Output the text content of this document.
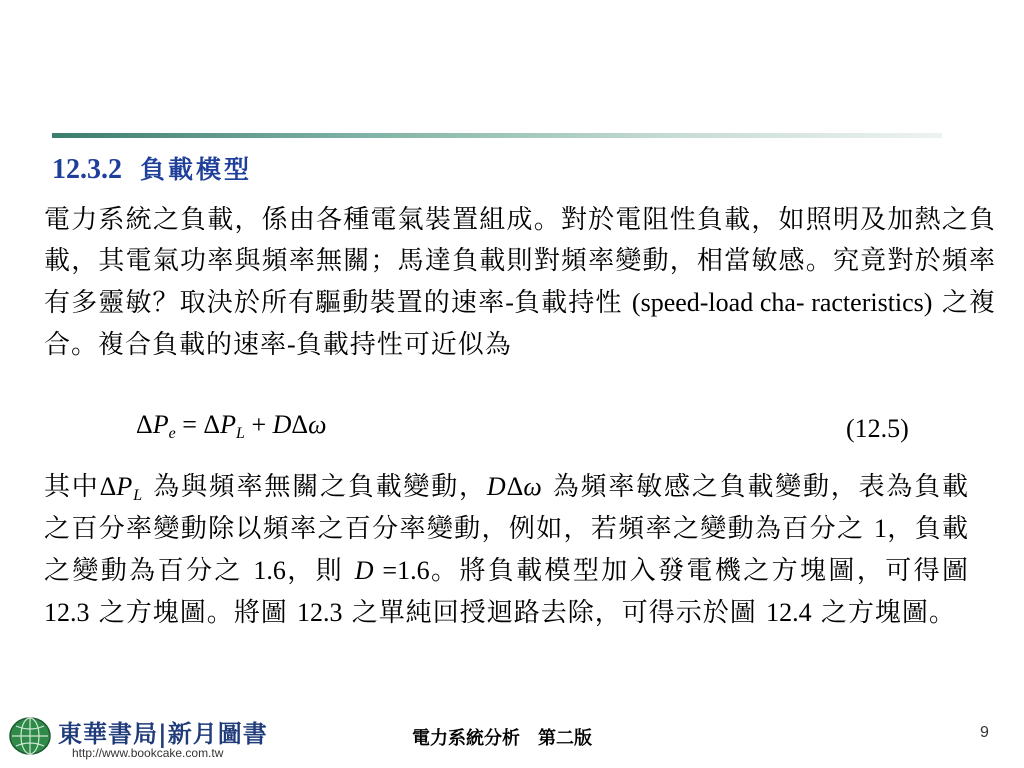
12.3.2 負載模型
電力系統之負載，係由各種電氣裝置組成。對於電阻性負載，如照明及加熱之負載，其電氣功率與頻率無關；馬達負載則對頻率變動，相當敏感。究竟對於頻率有多靈敏？取決於所有驅動裝置的速率-負載持性 (speed-load cha- racteristics) 之複合。複合負載的速率-負載持性可近似為
$\Delta P_e = \Delta P_L + D\Delta\omega$	(12.5)
其中$\Delta P_L$ 為與頻率無關之負載變動，DΔω 為頻率敏感之負載變動，表為負載之百分率變動除以頻率之百分率變動，例如，若頻率之變動為百分之 1，負載之變動為百分之 1.6，則 D =1.6。將負載模型加入發電機之方塊圖，可得圖 12.3 之方塊圖。將圖 12.3 之單純回授迴路去除，可得示於圖 12.4 之方塊圖。
東華書局|新月圖書
http://www.bookcake.com.tw
電力系統分析　第二版	9
